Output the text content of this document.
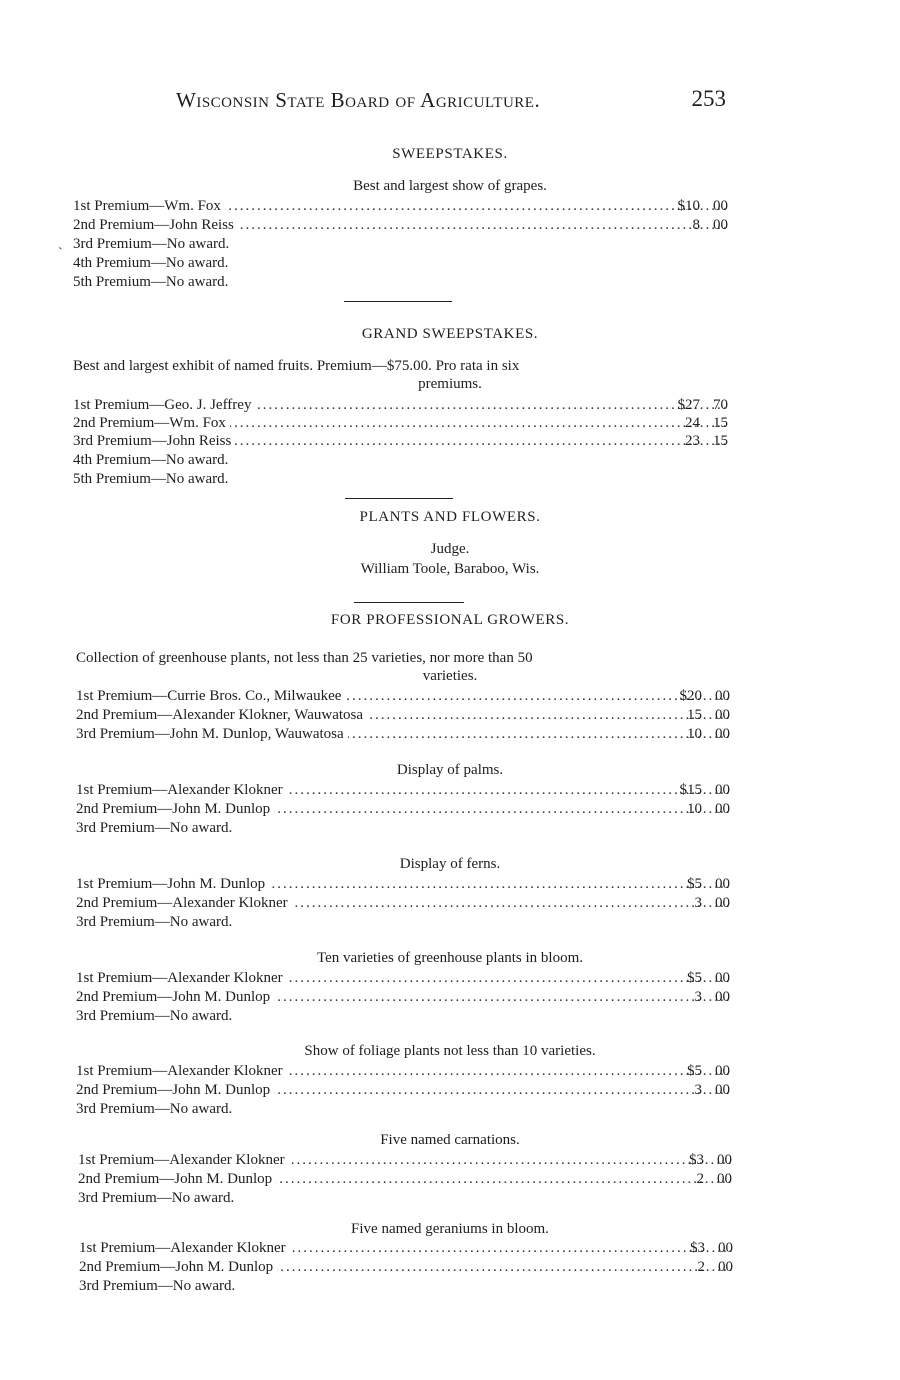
Wisconsin State Board of Agriculture.	253
SWEEPSTAKES.
Best and largest show of grapes.
.....
1st Premium—Wm. Fox	$10 00
.....
2nd Premium—John Reiss	8 00
3rd Premium—No award.
4th Premium—No award.
5th Premium—No award.
˴
GRAND SWEEPSTAKES.
Best and largest exhibit of named fruits. Premium—$75.00. Pro rata in six
premiums.
.....
1st Premium—Geo. J. Jeffrey	$27 70
.....
2nd Premium—Wm. Fox	24 15
.....
3rd Premium—John Reiss	23 15
4th Premium—No award.
5th Premium—No award.
PLANTS AND FLOWERS.
Judge.
William Toole, Baraboo, Wis.
FOR PROFESSIONAL GROWERS.
Collection of greenhouse plants, not less than 25 varieties, nor more than 50
varieties.
.....
1st Premium—Currie Bros. Co., Milwaukee	$20 00
.....
2nd Premium—Alexander Klokner, Wauwatosa	15 00
.....
3rd Premium—John M. Dunlop, Wauwatosa	10 00
Display of palms.
.....
1st Premium—Alexander Klokner	$15 00
.....
2nd Premium—John M. Dunlop	10 00
3rd Premium—No award.
Display of ferns.
.....
1st Premium—John M. Dunlop	$5 00
.....
2nd Premium—Alexander Klokner	3 00
3rd Premium—No award.
Ten varieties of greenhouse plants in bloom.
.....
1st Premium—Alexander Klokner	$5 00
.....
2nd Premium—John M. Dunlop	3 00
3rd Premium—No award.
Show of foliage plants not less than 10 varieties.
.....
1st Premium—Alexander Klokner	$5 00
.....
2nd Premium—John M. Dunlop	3 00
3rd Premium—No award.
Five named carnations.
.....
1st Premium—Alexander Klokner	$3 00
.....
2nd Premium—John M. Dunlop	2 00
3rd Premium—No award.
Five named geraniums in bloom.
.....
1st Premium—Alexander Klokner	$3 00
.....
2nd Premium—John M. Dunlop	2 00
3rd Premium—No award.
